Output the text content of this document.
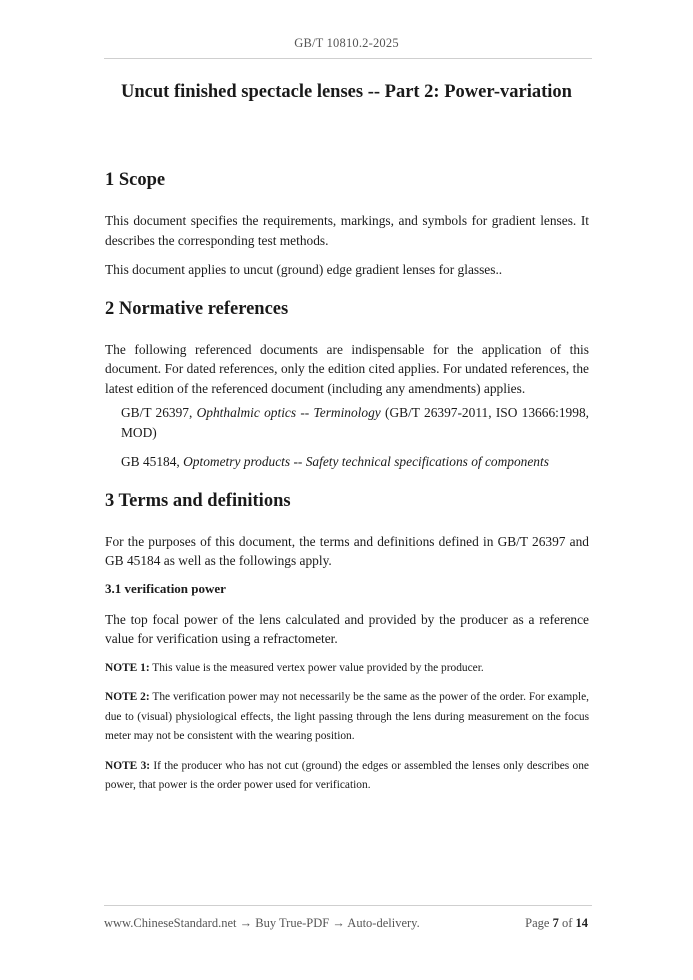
GB/T 10810.2-2025
Uncut finished spectacle lenses -- Part 2: Power-variation
1 Scope

This document specifies the requirements, markings, and symbols for gradient lenses. It describes the corresponding test methods.

This document applies to uncut (ground) edge gradient lenses for glasses..

2 Normative references

The following referenced documents are indispensable for the application of this document. For dated references, only the edition cited applies. For undated references, the latest edition of the referenced document (including any amendments) applies.

GB/T 26397, Ophthalmic optics -- Terminology (GB/T 26397-2011, ISO 13666:1998, MOD)

GB 45184, Optometry products -- Safety technical specifications of components

3 Terms and definitions

For the purposes of this document, the terms and definitions defined in GB/T 26397 and GB 45184 as well as the followings apply.

3.1 verification power

The top focal power of the lens calculated and provided by the producer as a reference value for verification using a refractometer.

NOTE 1: This value is the measured vertex power value provided by the producer.

NOTE 2: The verification power may not necessarily be the same as the power of the order. For example, due to (visual) physiological effects, the light passing through the lens during measurement on the focus meter may not be consistent with the wearing position.

NOTE 3: If the producer who has not cut (ground) the edges or assembled the lenses only describes one power, that power is the order power used for verification.

www.ChineseStandard.net → Buy True-PDF → Auto-delivery.	Page 7 of 14
